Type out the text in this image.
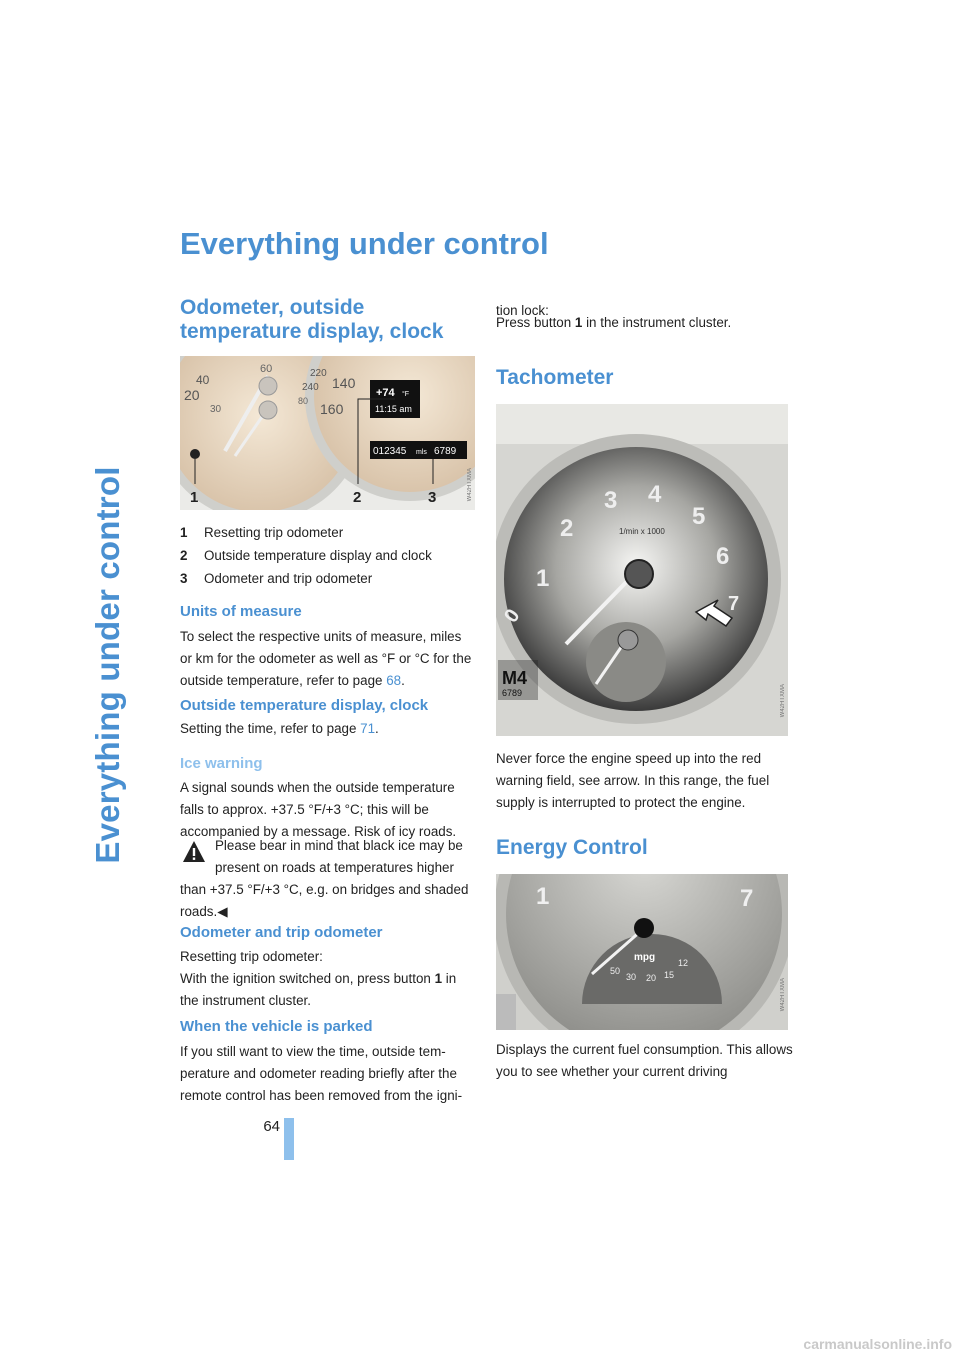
Everything under control
64
Everything under control
Odometer, outside temperature display, clock
40
20
30
60	220
240 140
160
80
+74 °F
11:15 am
012345 mls 6789
1	2	3	W42HTXMA
1	Resetting trip odometer
2	Outside temperature display and clock
3	Odometer and trip odometer
Units of measure

To select the respective units of measure, miles or km for the odometer as well as °F or °C for the outside temperature, refer to page 68.

Outside temperature display, clock

Setting the time, refer to page 71.

Ice warning

A signal sounds when the outside temperature falls to approx. +37.5 °F/+3 °C; this will be accompanied by a message. Risk of icy roads.

Please bear in mind that black ice may be

present on roads at temperatures higher

than +37.5 °F/+3 °C, e.g. on bridges and shaded roads.◀

Odometer and trip odometer

Resetting trip odometer:

With the ignition switched on, press button 1 in the instrument cluster.

When the vehicle is parked

If you still want to view the time, outside tem-perature and odometer reading briefly after the remote control has been removed from the igni-

tion lock:

Press button 1 in the instrument cluster.

Tachometer
0
1
2
3 4
5
6
7
1/min x 1000
M4
6789	W42HTXMA

Never force the engine speed up into the red warning field, see arrow. In this range, the fuel supply is interrupted to protect the engine.

Energy Control
1	7
50
30 20 15
12
mpg
W42HTXMA

Displays the current fuel consumption. This allows you to see whether your current driving

carmanualsonline.info
